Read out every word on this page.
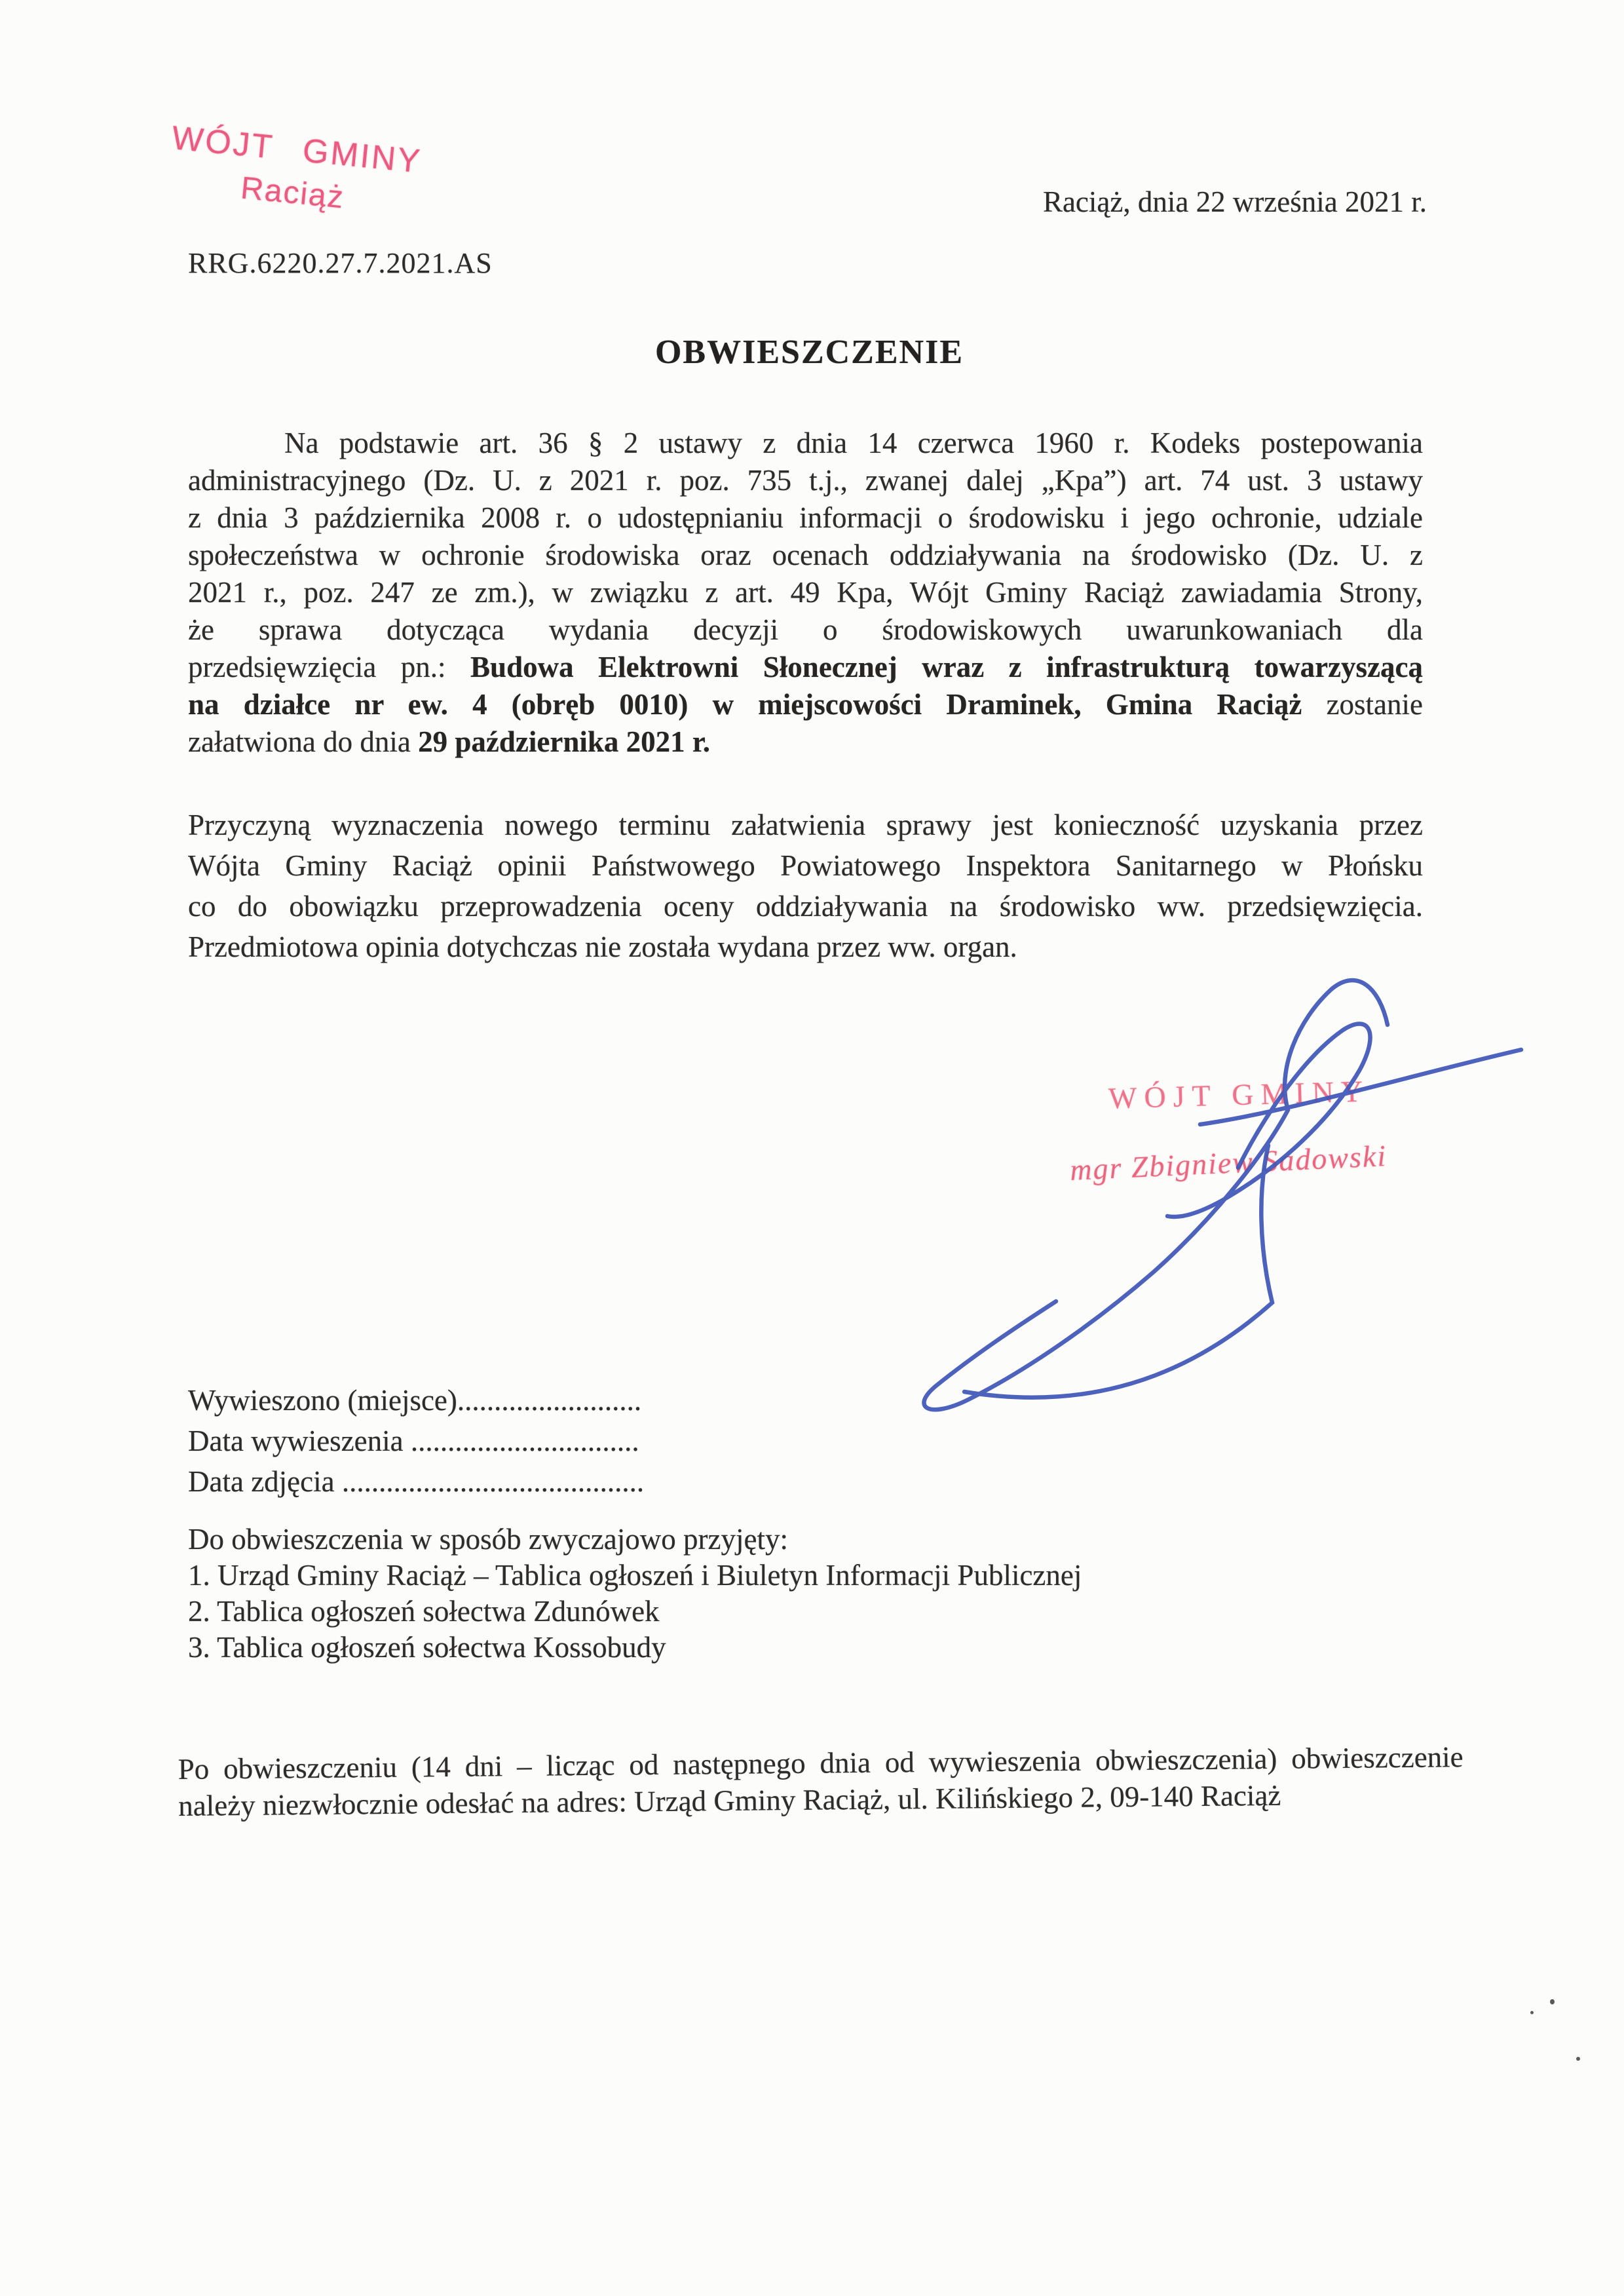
WÓJT GMINY
Raciąż	Raciąż, dnia 22 września 2021 r.
RRG.6220.27.7.2021.AS
OBWIESZCZENIE
Na podstawie art. 36 § 2 ustawy z dnia 14 czerwca 1960 r. Kodeks postepowania
administracyjnego (Dz. U. z 2021 r. poz. 735 t.j., zwanej dalej „Kpa”) art. 74 ust. 3 ustawy
z dnia 3 października 2008 r. o udostępnianiu informacji o środowisku i jego ochronie, udziale
społeczeństwa w ochronie środowiska oraz ocenach oddziaływania na środowisko (Dz. U. z
2021 r., poz. 247 ze zm.), w związku z art. 49 Kpa, Wójt Gminy Raciąż zawiadamia Strony,
że sprawa dotycząca wydania decyzji o środowiskowych uwarunkowaniach dla
przedsięwzięcia pn.: Budowa Elektrowni Słonecznej wraz z infrastrukturą towarzyszącą
na działce nr ew. 4 (obręb 0010) w miejscowości Draminek, Gmina Raciąż zostanie
załatwiona do dnia 29 października 2021 r.
Przyczyną wyznaczenia nowego terminu załatwienia sprawy jest konieczność uzyskania przez
Wójta Gminy Raciąż opinii Państwowego Powiatowego Inspektora Sanitarnego w Płońsku
co do obowiązku przeprowadzenia oceny oddziaływania na środowisko ww. przedsięwzięcia.
Przedmiotowa opinia dotychczas nie została wydana przez ww. organ.
WÓJT GMINY
mgr Zbigniew Sadowski
Wywieszono (miejsce).........................
Data wywieszenia ...............................
Data zdjęcia .........................................
Do obwieszczenia w sposób zwyczajowo przyjęty:
1. Urząd Gminy Raciąż – Tablica ogłoszeń i Biuletyn Informacji Publicznej
2. Tablica ogłoszeń sołectwa Zdunówek
3. Tablica ogłoszeń sołectwa Kossobudy
Po obwieszczeniu (14 dni – licząc od następnego dnia od wywieszenia obwieszczenia) obwieszczenie
należy niezwłocznie odesłać na adres: Urząd Gminy Raciąż, ul. Kilińskiego 2, 09-140 Raciąż
